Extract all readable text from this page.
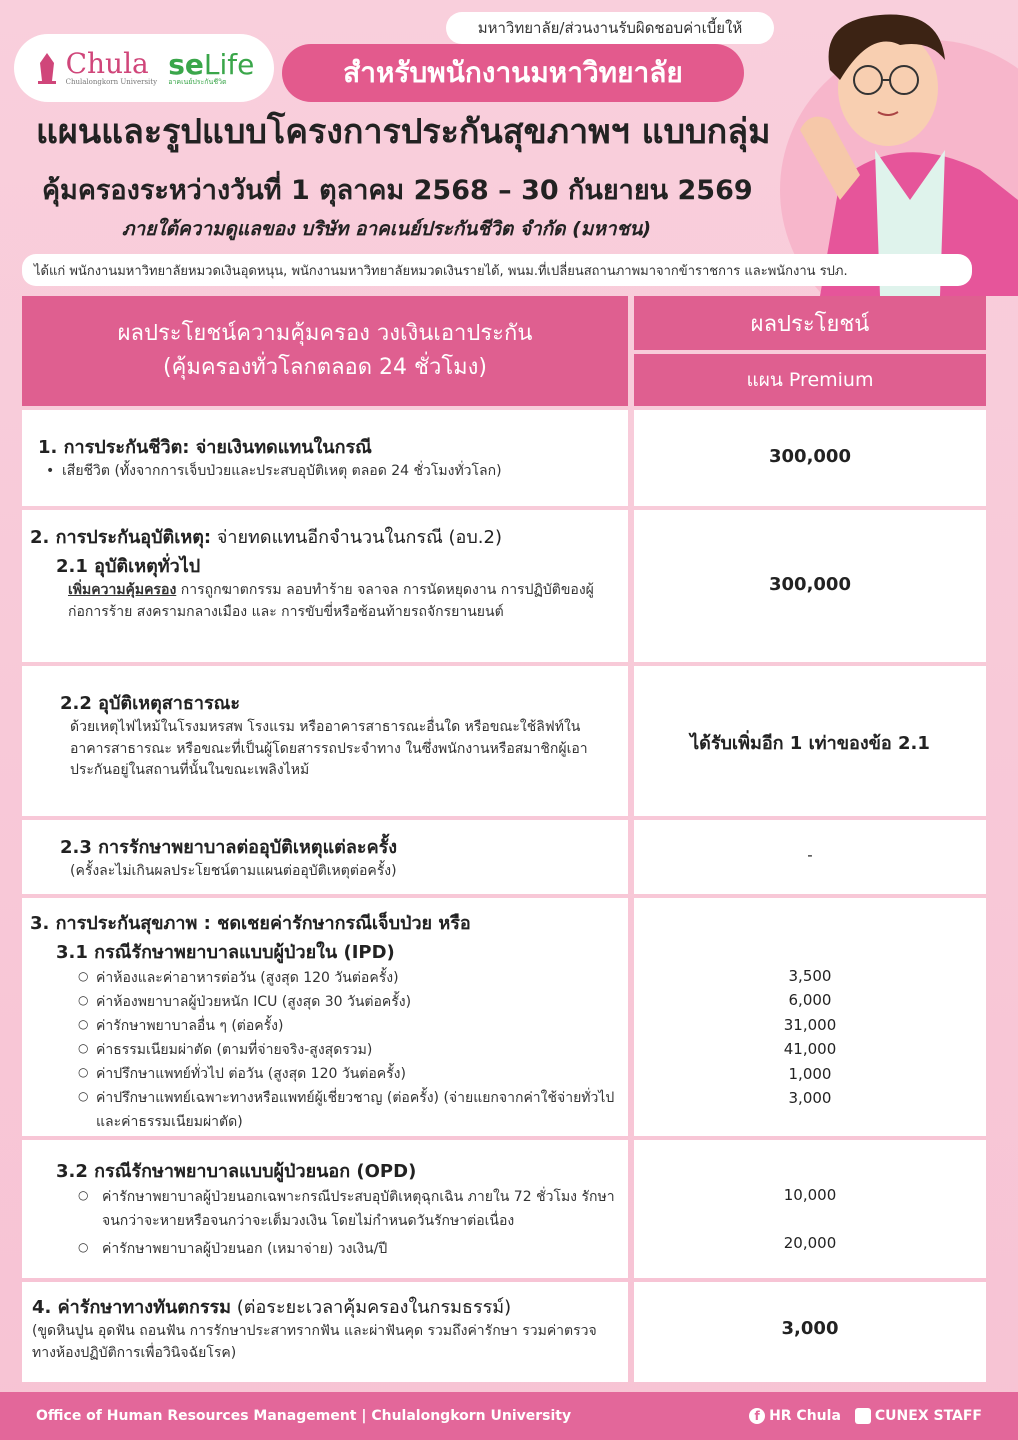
Chula
Chulalongkorn University
seLife
อาคเนย์ประกันชีวิต
มหาวิทยาลัย/ส่วนงานรับผิดชอบค่าเบี้ยให้
สำหรับพนักงานมหาวิทยาลัย
แผนและรูปแบบโครงการประกันสุขภาพฯ แบบกลุ่ม
คุ้มครองระหว่างวันที่ 1 ตุลาคม 2568 – 30 กันยายน 2569
ภายใต้ความดูแลของ บริษัท อาคเนย์ประกันชีวิต จำกัด (มหาชน)
ได้แก่ พนักงานมหาวิทยาลัยหมวดเงินอุดหนุน, พนักงานมหาวิทยาลัยหมวดเงินรายได้, พนม.ที่เปลี่ยนสถานภาพมาจากข้าราชการ และพนักงาน รปภ.
ผลประโยชน์ความคุ้มครอง วงเงินเอาประกัน
(คุ้มครองทั่วโลกตลอด 24 ชั่วโมง)
ผลประโยชน์
แผน Premium
1. การประกันชีวิต: จ่ายเงินทดแทนในกรณี
• เสียชีวิต (ทั้งจากการเจ็บป่วยและประสบอุบัติเหตุ ตลอด 24 ชั่วโมงทั่วโลก)
300,000
2. การประกันอุบัติเหตุ: จ่ายทดแทนอีกจำนวนในกรณี (อบ.2)
2.1 อุบัติเหตุทั่วไป
เพิ่มความคุ้มครอง การถูกฆาตกรรม ลอบทำร้าย จลาจล การนัดหยุดงาน การปฏิบัติของผู้ก่อการร้าย สงครามกลางเมือง และ การขับขี่หรือซ้อนท้ายรถจักรยานยนต์
300,000
2.2 อุบัติเหตุสาธารณะ
ด้วยเหตุไฟไหม้ในโรงมหรสพ โรงแรม หรืออาคารสาธารณะอื่นใด หรือขณะใช้ลิฟท์ในอาคารสาธารณะ หรือขณะที่เป็นผู้โดยสารรถประจำทาง ในซึ่งพนักงานหรือสมาชิกผู้เอาประกันอยู่ในสถานที่นั้นในขณะเพลิงไหม้
ได้รับเพิ่มอีก 1 เท่าของข้อ 2.1
2.3 การรักษาพยาบาลต่ออุบัติเหตุแต่ละครั้ง
(ครั้งละไม่เกินผลประโยชน์ตามแผนต่ออุบัติเหตุต่อครั้ง)
-
3. การประกันสุขภาพ : ชดเชยค่ารักษากรณีเจ็บป่วย หรือ
3.1 กรณีรักษาพยาบาลแบบผู้ป่วยใน (IPD)
○ ค่าห้องและค่าอาหารต่อวัน (สูงสุด 120 วันต่อครั้ง)
○ ค่าห้องพยาบาลผู้ป่วยหนัก ICU (สูงสุด 30 วันต่อครั้ง)
○ ค่ารักษาพยาบาลอื่น ๆ (ต่อครั้ง)
○ ค่าธรรมเนียมผ่าตัด (ตามที่จ่ายจริง-สูงสุดรวม)
○ ค่าปรึกษาแพทย์ทั่วไป ต่อวัน (สูงสุด 120 วันต่อครั้ง)
○ ค่าปรึกษาแพทย์เฉพาะทางหรือแพทย์ผู้เชี่ยวชาญ (ต่อครั้ง) (จ่ายแยกจากค่าใช้จ่ายทั่วไปและค่าธรรมเนียมผ่าตัด)
3,500
6,000
31,000
41,000
1,000
3,000
3.2 กรณีรักษาพยาบาลแบบผู้ป่วยนอก (OPD)
○ ค่ารักษาพยาบาลผู้ป่วยนอกเฉพาะกรณีประสบอุบัติเหตุฉุกเฉิน ภายใน 72 ชั่วโมง รักษาจนกว่าจะหายหรือจนกว่าจะเต็มวงเงิน โดยไม่กำหนดวันรักษาต่อเนื่อง
○ ค่ารักษาพยาบาลผู้ป่วยนอก (เหมาจ่าย) วงเงิน/ปี
10,000
20,000
4. ค่ารักษาทางทันตกรรม (ต่อระยะเวลาคุ้มครองในกรมธรรม์)
(ขูดหินปูน อุดฟัน ถอนฟัน การรักษาประสาทรากฟัน และผ่าฟันคุด รวมถึงค่ารักษา รวมค่าตรวจทางห้องปฏิบัติการเพื่อวินิจฉัยโรค)
3,000
Office of Human Resources Management | Chulalongkorn University	f HR Chula CUNEX STAFF
